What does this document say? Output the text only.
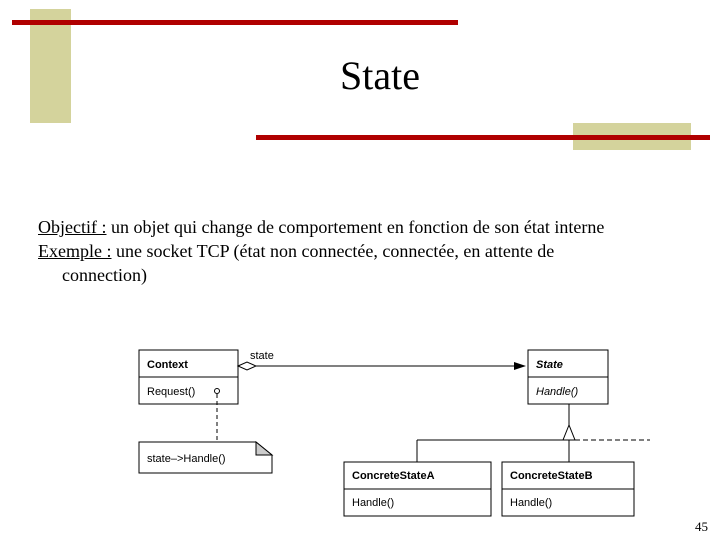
State
Objectif : un objet qui change de comportement en fonction de son état interne
Exemple : une socket TCP (état non connectée, connectée, en attente de
connection)
Context
Request()
state
State
Handle()
state–>Handle()
ConcreteStateA
Handle()
ConcreteStateB
Handle()
45
